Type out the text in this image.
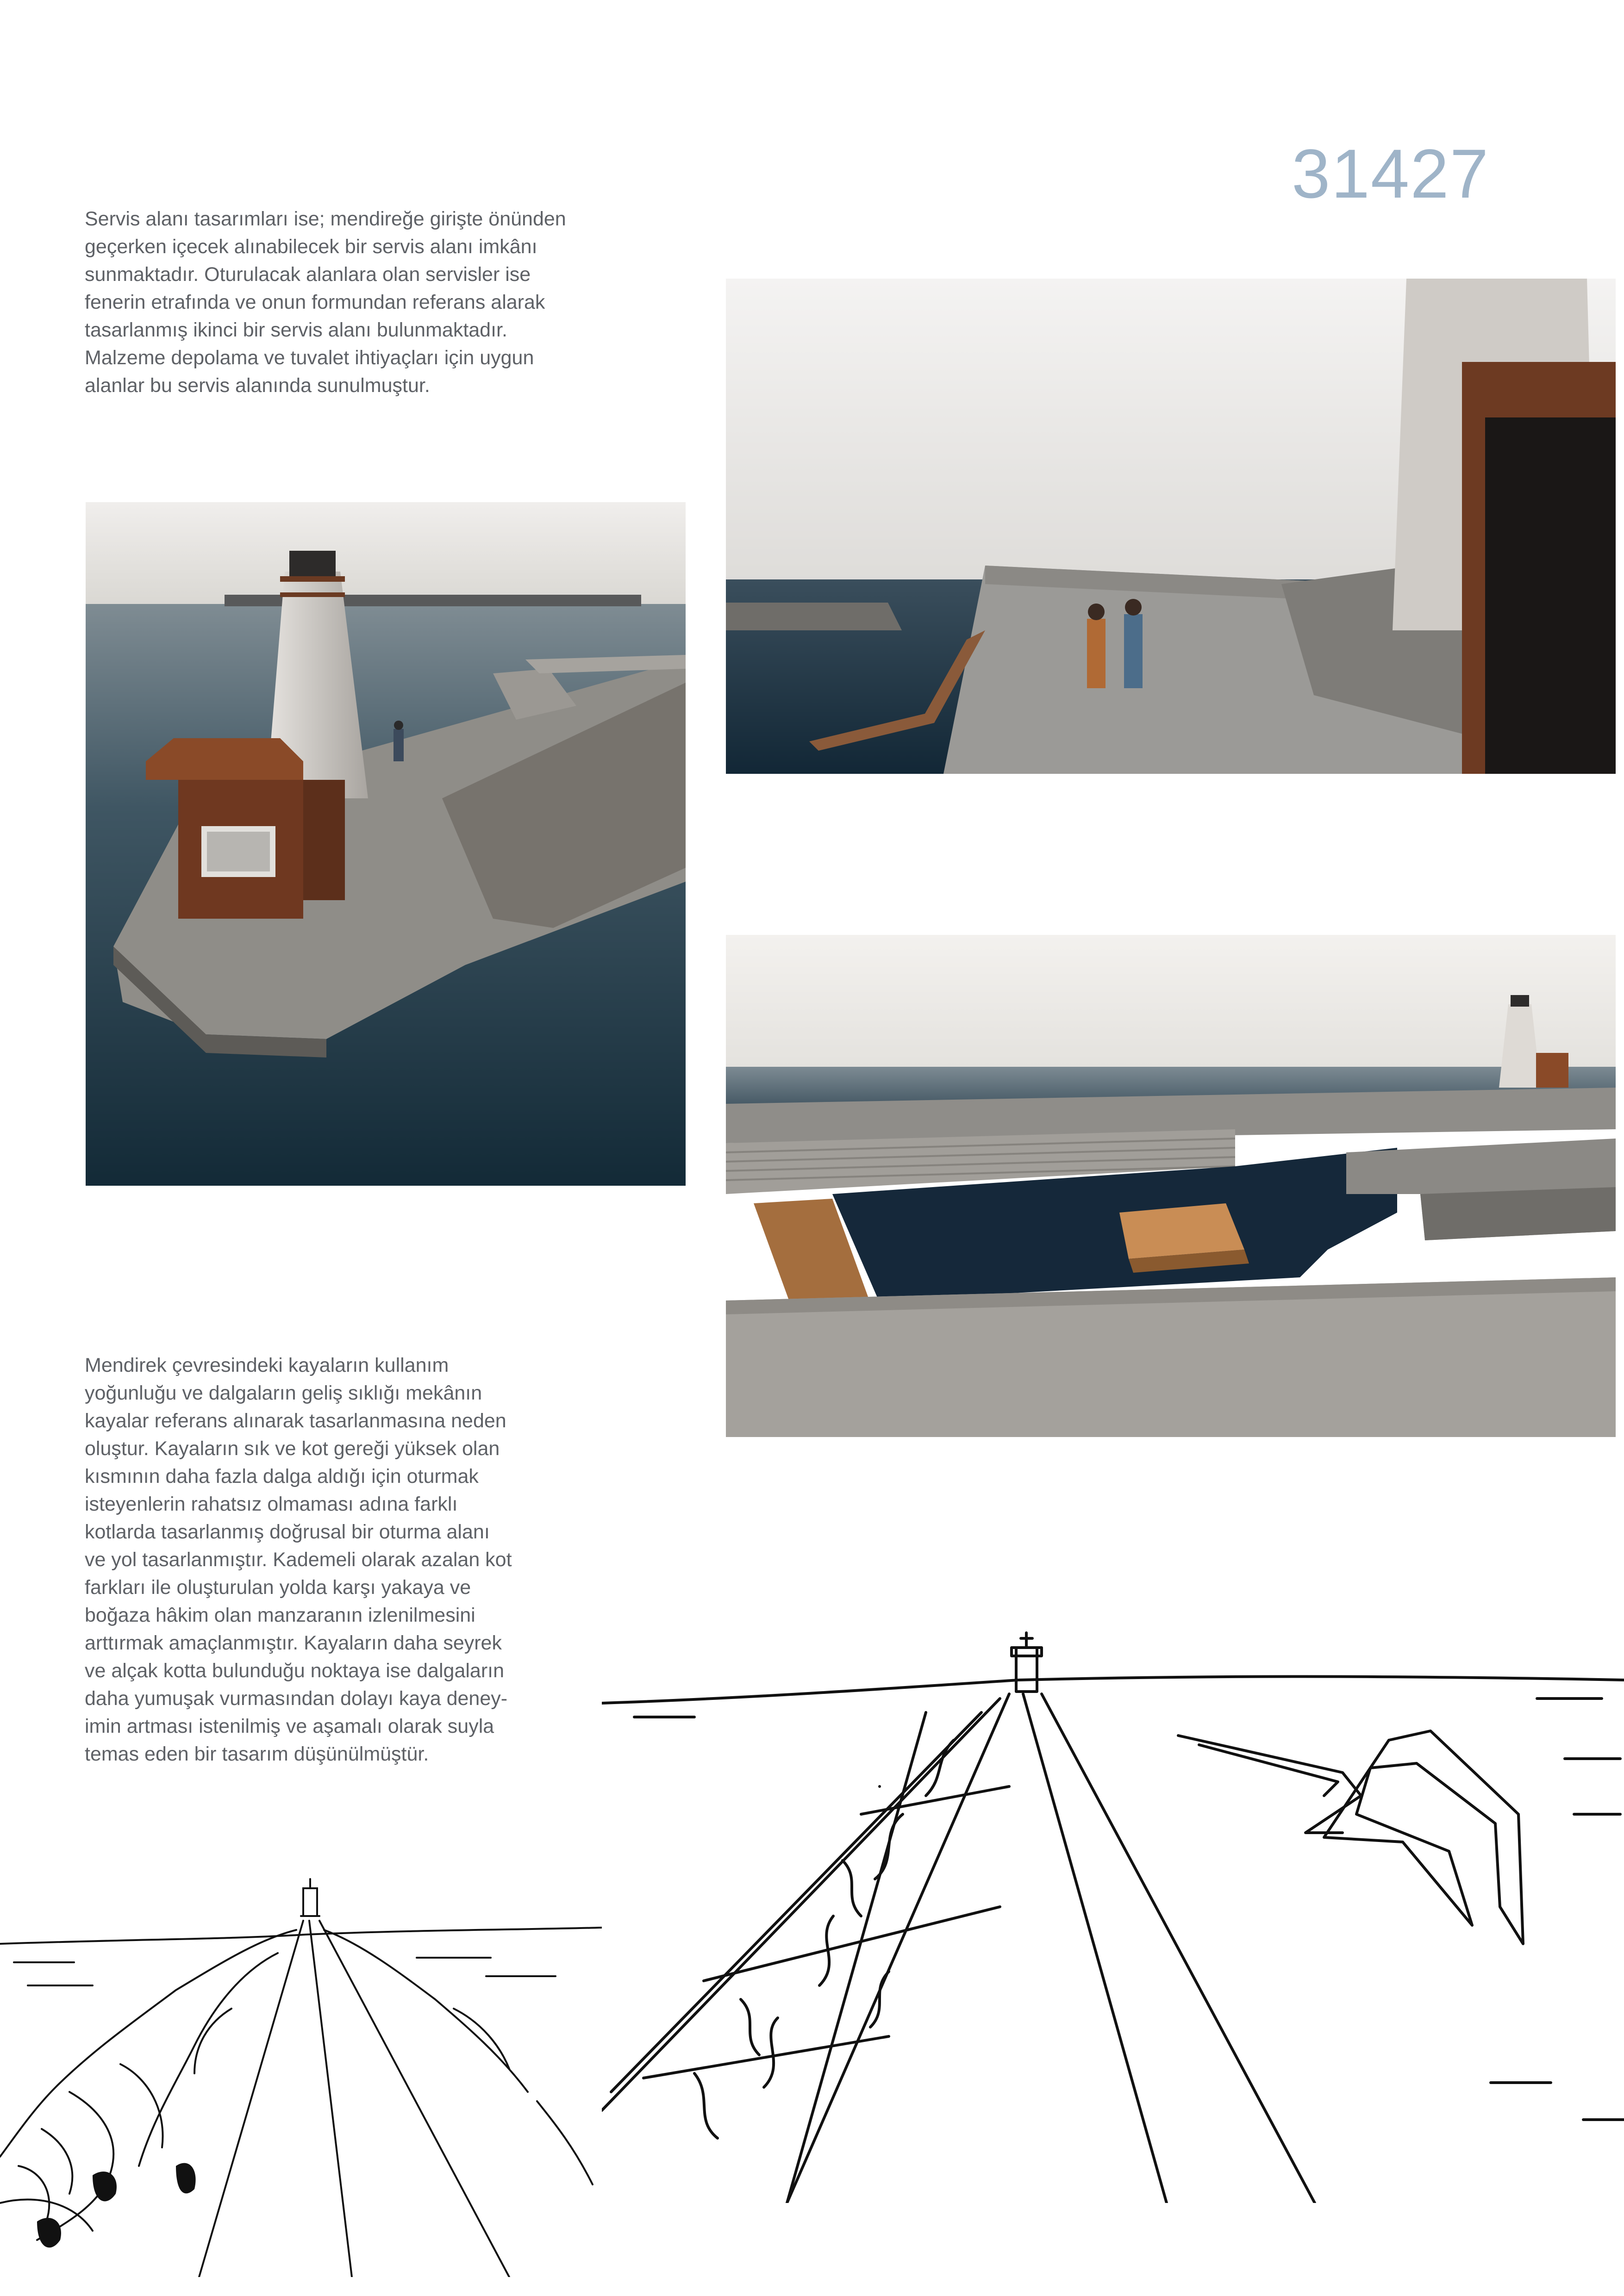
31427

Servis alanı tasarımları ise; mendireğe girişte önünden
geçerken içecek alınabilecek bir servis alanı imkânı
sunmaktadır. Oturulacak alanlara olan servisler ise
fenerin etrafında ve onun formundan referans alarak
tasarlanmış ikinci bir servis alanı bulunmaktadır.
Malzeme depolama ve tuvalet ihtiyaçları için uygun
alanlar bu servis alanında sunulmuştur.

Mendirek çevresindeki kayaların kullanım
yoğunluğu ve dalgaların geliş sıklığı mekânın
kayalar referans alınarak tasarlanmasına neden
oluştur. Kayaların sık ve kot gereği yüksek olan
kısmının daha fazla dalga aldığı için oturmak
isteyenlerin rahatsız olmaması adına farklı
kotlarda tasarlanmış doğrusal bir oturma alanı
ve yol tasarlanmıştır. Kademeli olarak azalan kot
farkları ile oluşturulan yolda karşı yakaya ve
boğaza hâkim olan manzaranın izlenilmesini
arttırmak amaçlanmıştır. Kayaların daha seyrek
ve alçak kotta bulunduğu noktaya ise dalgaların
daha yumuşak vurmasından dolayı kaya deney-
imin artması istenilmiş ve aşamalı olarak suyla
temas eden bir tasarım düşünülmüştür.
